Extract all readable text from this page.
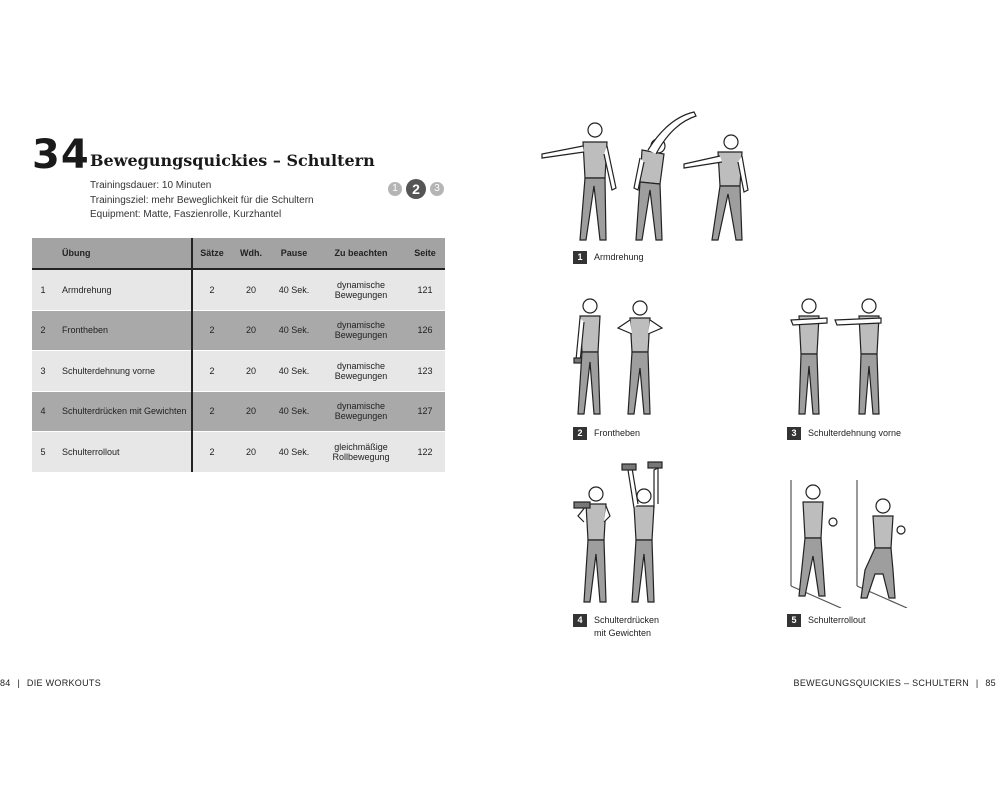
34 Bewegungsquickies – Schultern
Trainingsdauer: 10 Minuten
Trainingsziel: mehr Beweglichkeit für die Schultern
Equipment: Matte, Faszienrolle, Kurzhantel
1	2	3
	Übung	Sätze	Wdh.	Pause	Zu beachten	Seite
1	Armdrehung	2	20	40 Sek.	dynamische Bewegungen	121
2	Frontheben	2	20	40 Sek.	dynamische Bewegungen	126
3	Schulterdehnung vorne	2	20	40 Sek.	dynamische Bewegungen	123
4	Schulterdrücken mit Gewichten	2	20	40 Sek.	dynamische Bewegungen	127
5	Schulterrollout	2	20	40 Sek.	gleichmäßige Rollbewegung	122
1 Armdrehung
2 Frontheben	3 Schulterdehnung vorne
4 Schulterdrücken
mit Gewichten
5 Schulterrollout
84 | DIE WORKOUTS	BEWEGUNGSQUICKIES – SCHULTERN | 85
